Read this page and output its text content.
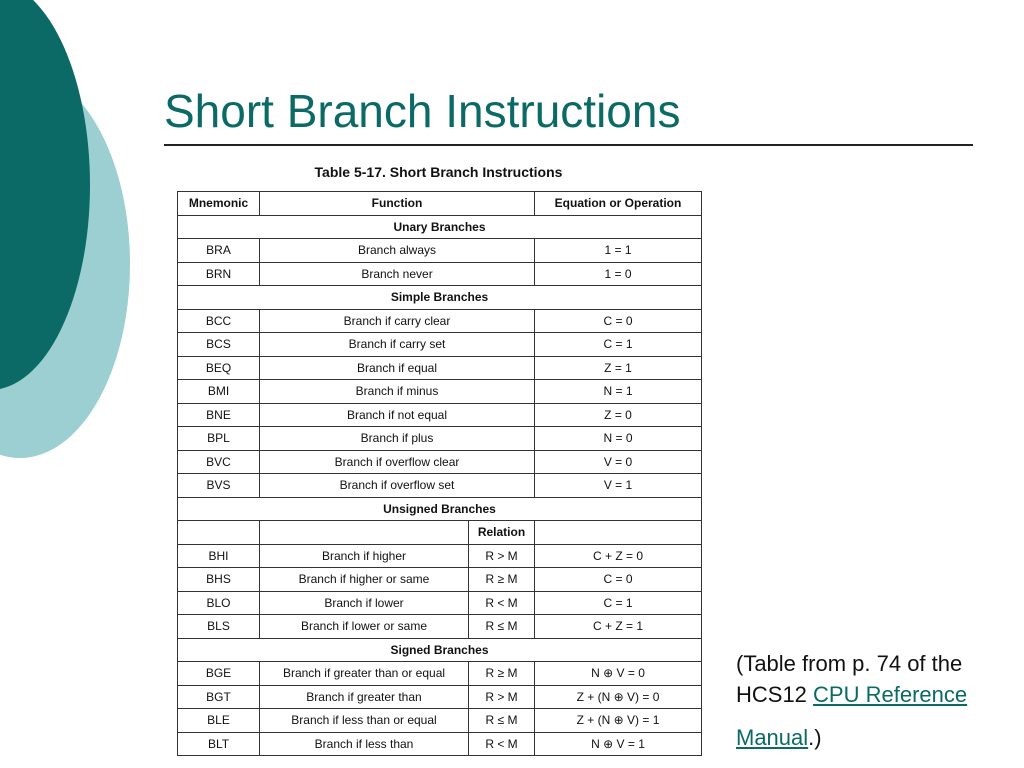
Short Branch Instructions
Table 5-17. Short Branch Instructions
Mnemonic	Function		Equation or Operation
Unary Branches			
BRA	Branch always		1 = 1
BRN	Branch never		1 = 0
Simple Branches			
BCC	Branch if carry clear		C = 0
BCS	Branch if carry set		C = 1
BEQ	Branch if equal		Z = 1
BMI	Branch if minus		N = 1
BNE	Branch if not equal		Z = 0
BPL	Branch if plus		N = 0
BVC	Branch if overflow clear		V = 0
BVS	Branch if overflow set		V = 1
Unsigned Branches			
		Relation	
BHI	Branch if higher	R > M	C + Z = 0
BHS	Branch if higher or same	R ≥ M	C = 0
BLO	Branch if lower	R < M	C = 1
BLS	Branch if lower or same	R ≤ M	C + Z = 1
Signed Branches			
BGE	Branch if greater than or equal	R ≥ M	N ⊕ V = 0
BGT	Branch if greater than	R > M	Z + (N ⊕ V) = 0
BLE	Branch if less than or equal	R ≤ M	Z + (N ⊕ V) = 1
BLT	Branch if less than	R < M	N ⊕ V = 1
(Table from p. 74 of the HCS12 CPU Reference
Manual.)
